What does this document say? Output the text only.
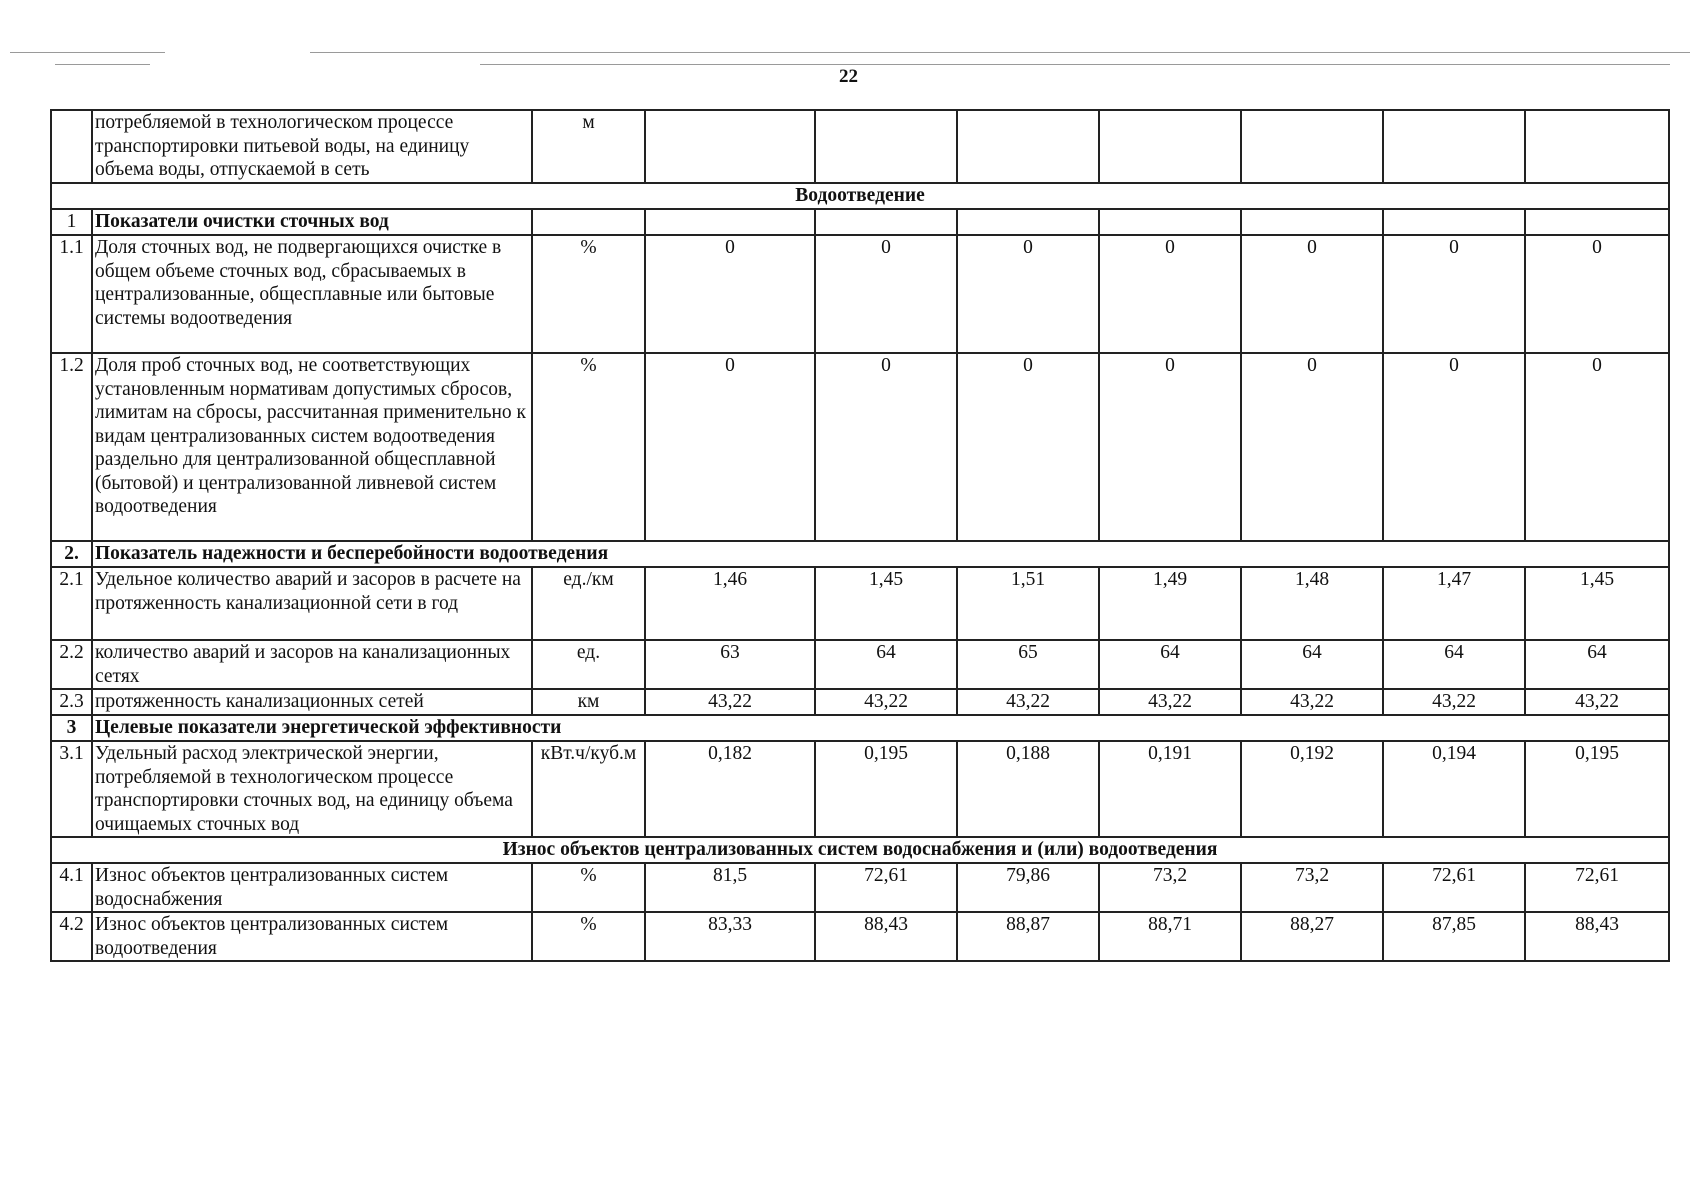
22
	потребляемой в технологическом процессе транспортировки питьевой воды, на единицу объема воды, отпускаемой в сеть	м							
Водоотведение									
1	Показатели очистки сточных вод								
1.1	Доля сточных вод, не подвергающихся очистке в общем объеме сточных вод, сбрасываемых в централизованные, общесплавные или бытовые системы водоотведения	%	0	0	0	0	0	0	0
1.2	Доля проб сточных вод, не соответствующих установленным нормативам допустимых сбросов, лимитам на сбросы, рассчитанная применительно к видам централизованных систем водоотведения раздельно для централизованной общесплавной (бытовой) и централизованной ливневой систем водоотведения	%	0	0	0	0	0	0	0
2.	Показатель надежности и бесперебойности водоотведения								
2.1	Удельное количество аварий и засоров в расчете на протяженность канализационной сети в год	ед./км	1,46	1,45	1,51	1,49	1,48	1,47	1,45
2.2	количество аварий и засоров на канализационных сетях	ед.	63	64	65	64	64	64	64
2.3	протяженность канализационных сетей	км	43,22	43,22	43,22	43,22	43,22	43,22	43,22
3	Целевые показатели энергетической эффективности								
3.1	Удельный расход электрической энергии, потребляемой в технологическом процессе транспортировки сточных вод, на единицу объема очищаемых сточных вод	кВт.ч/куб.м	0,182	0,195	0,188	0,191	0,192	0,194	0,195
Износ объектов централизованных систем водоснабжения и (или) водоотведения									
4.1	Износ объектов централизованных систем водоснабжения	%	81,5	72,61	79,86	73,2	73,2	72,61	72,61
4.2	Износ объектов централизованных систем водоотведения	%	83,33	88,43	88,87	88,71	88,27	87,85	88,43
